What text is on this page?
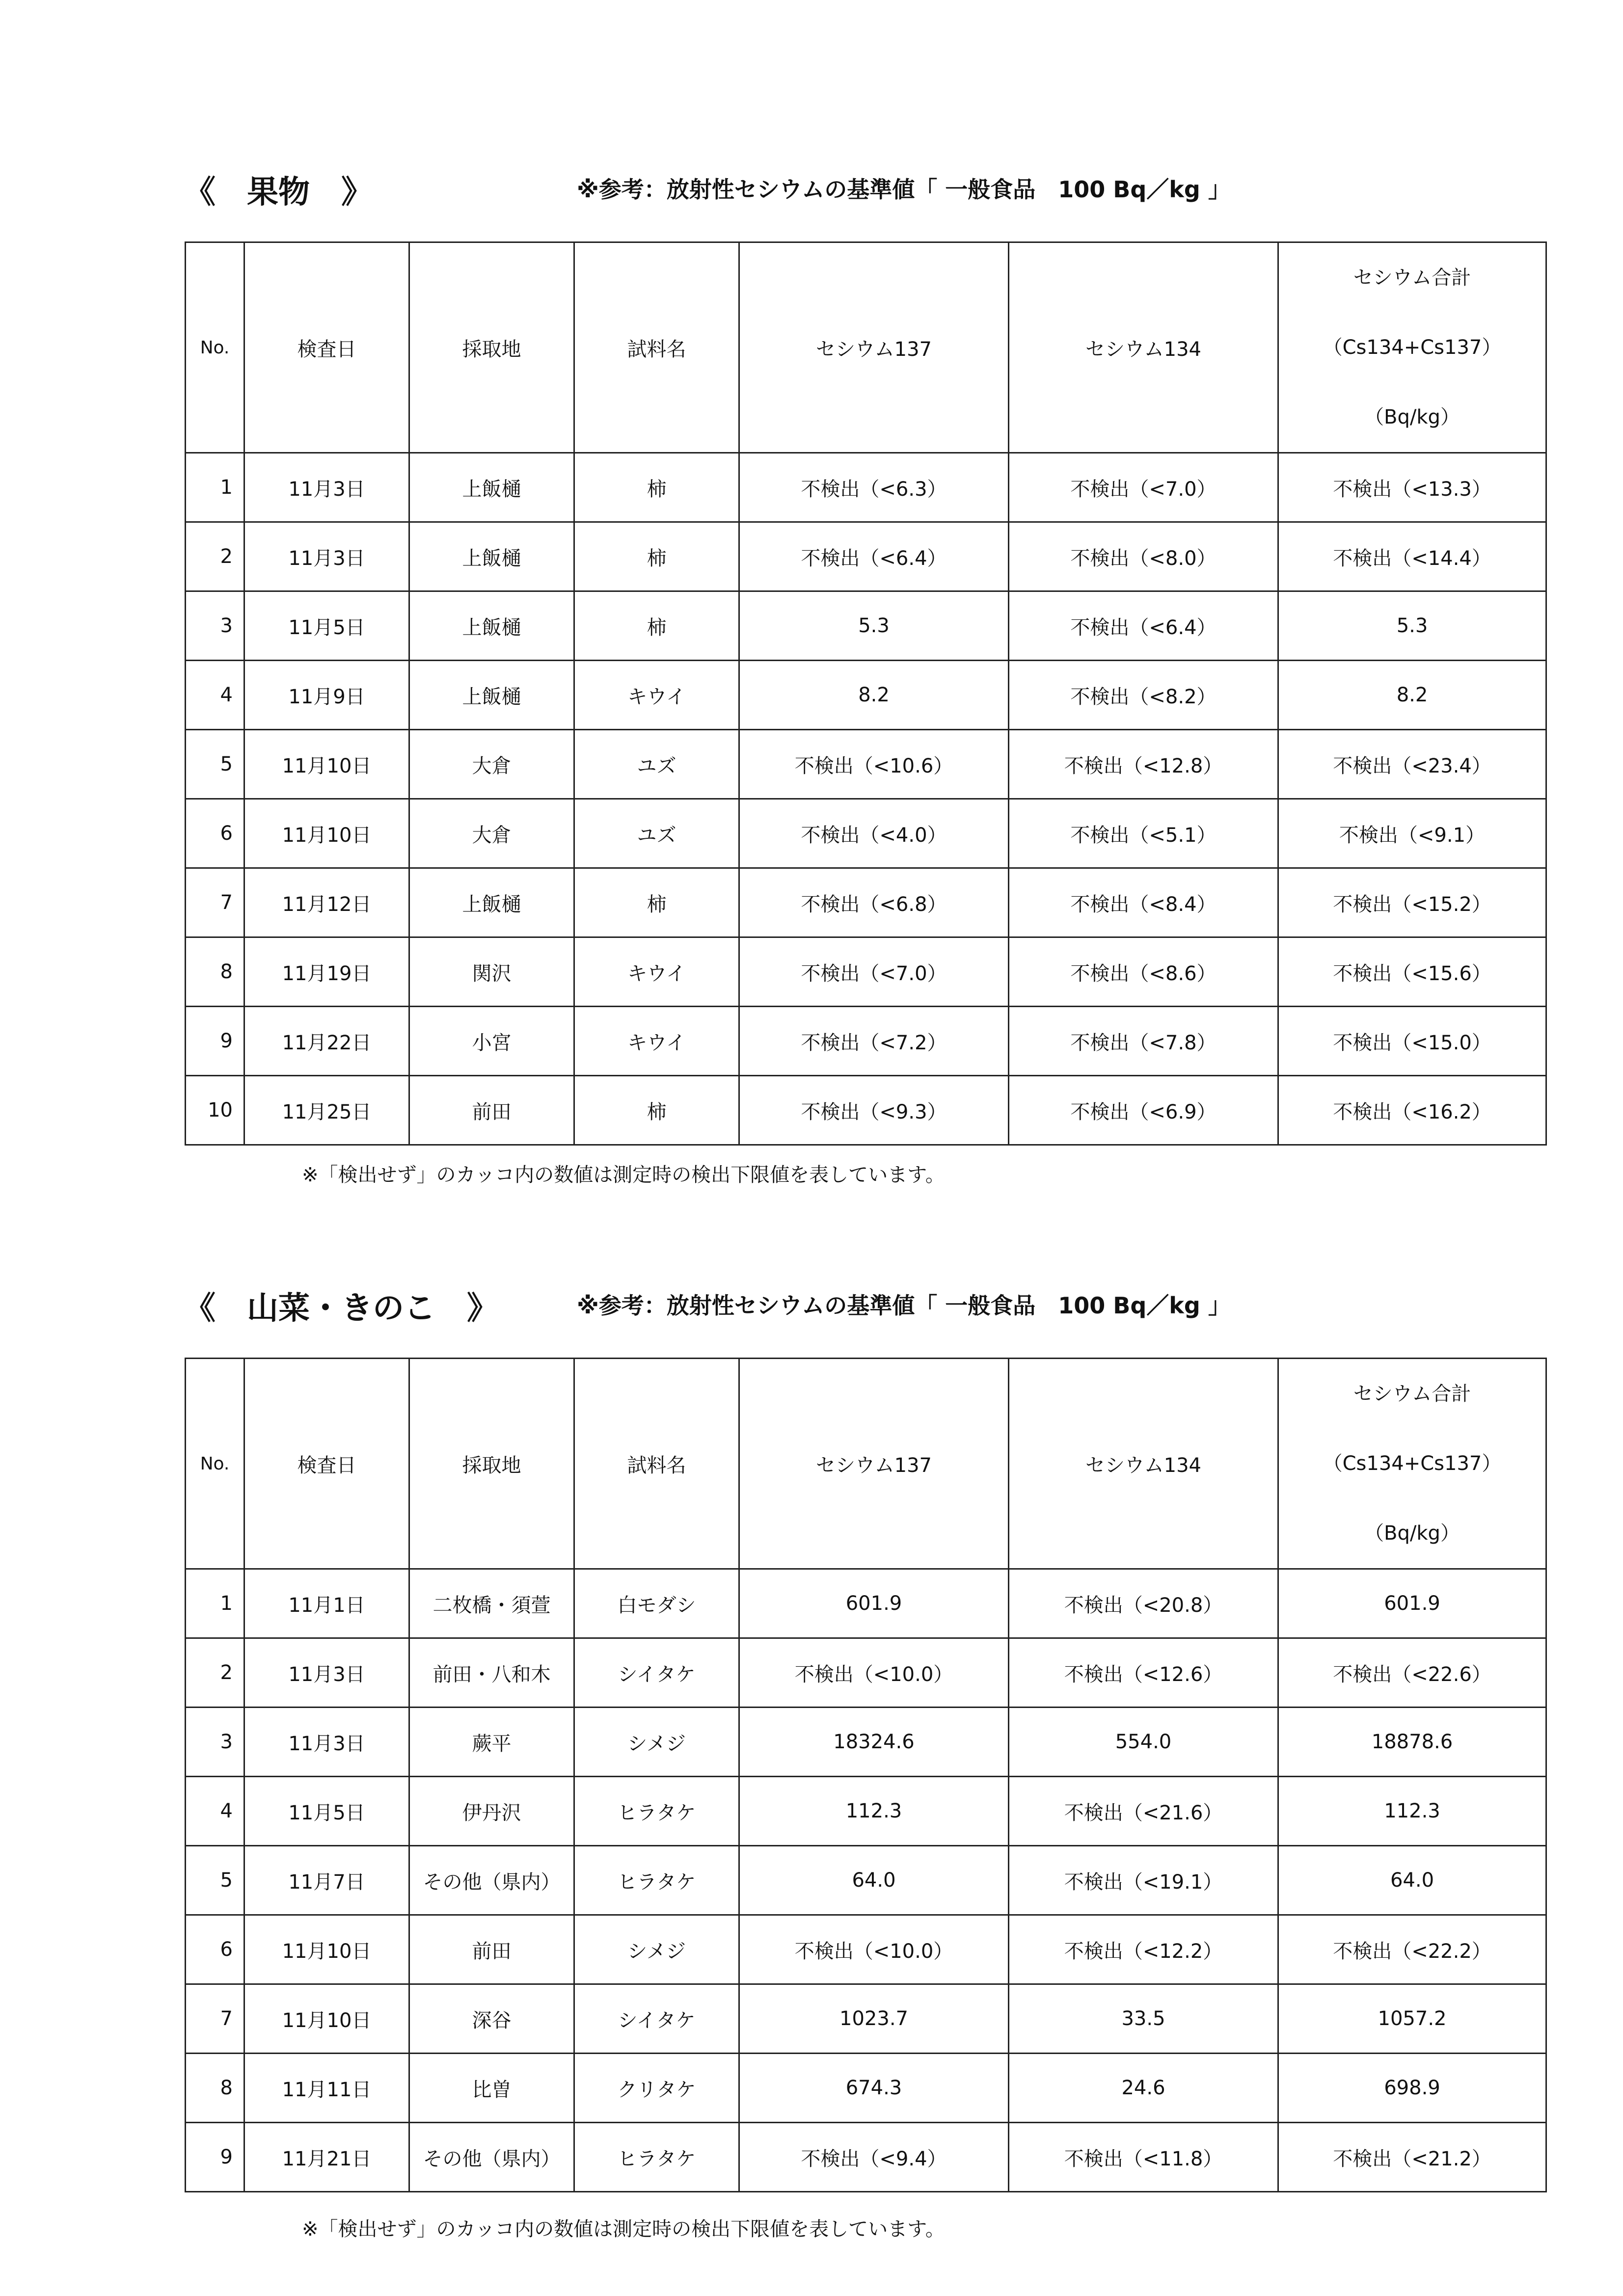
《　果物　》	※参考：放射性セシウムの基準値「 一般食品　100 Bq／kg 」
No.	検査日	採取地	試料名	セシウム137	セシウム134	セシウム合計
（Cs134+Cs137）
（Bq/kg）

1	11月3日	上飯樋	柿	不検出（<6.3）	不検出（<7.0）	不検出（<13.3）
2	11月3日	上飯樋	柿	不検出（<6.4）	不検出（<8.0）	不検出（<14.4）
3	11月5日	上飯樋	柿	5.3	不検出（<6.4）	5.3
4	11月9日	上飯樋	キウイ	8.2	不検出（<8.2）	8.2
5	11月10日	大倉	ユズ	不検出（<10.6）	不検出（<12.8）	不検出（<23.4）
6	11月10日	大倉	ユズ	不検出（<4.0）	不検出（<5.1）	不検出（<9.1）
7	11月12日	上飯樋	柿	不検出（<6.8）	不検出（<8.4）	不検出（<15.2）
8	11月19日	関沢	キウイ	不検出（<7.0）	不検出（<8.6）	不検出（<15.6）
9	11月22日	小宮	キウイ	不検出（<7.2）	不検出（<7.8）	不検出（<15.0）
10	11月25日	前田	柿	不検出（<9.3）	不検出（<6.9）	不検出（<16.2）
※「検出せず」のカッコ内の数値は測定時の検出下限値を表しています。
《　山菜・きのこ　》	※参考：放射性セシウムの基準値「 一般食品　100 Bq／kg 」
No.	検査日	採取地	試料名	セシウム137	セシウム134	セシウム合計
（Cs134+Cs137）
（Bq/kg）

1	11月1日	二枚橋・須萱	白モダシ	601.9	不検出（<20.8）	601.9
2	11月3日	前田・八和木	シイタケ	不検出（<10.0）	不検出（<12.6）	不検出（<22.6）
3	11月3日	蕨平	シメジ	18324.6	554.0	18878.6
4	11月5日	伊丹沢	ヒラタケ	112.3	不検出（<21.6）	112.3
5	11月7日	その他（県内）	ヒラタケ	64.0	不検出（<19.1）	64.0
6	11月10日	前田	シメジ	不検出（<10.0）	不検出（<12.2）	不検出（<22.2）
7	11月10日	深谷	シイタケ	1023.7	33.5	1057.2
8	11月11日	比曽	クリタケ	674.3	24.6	698.9
9	11月21日	その他（県内）	ヒラタケ	不検出（<9.4）	不検出（<11.8）	不検出（<21.2）
※「検出せず」のカッコ内の数値は測定時の検出下限値を表しています。
